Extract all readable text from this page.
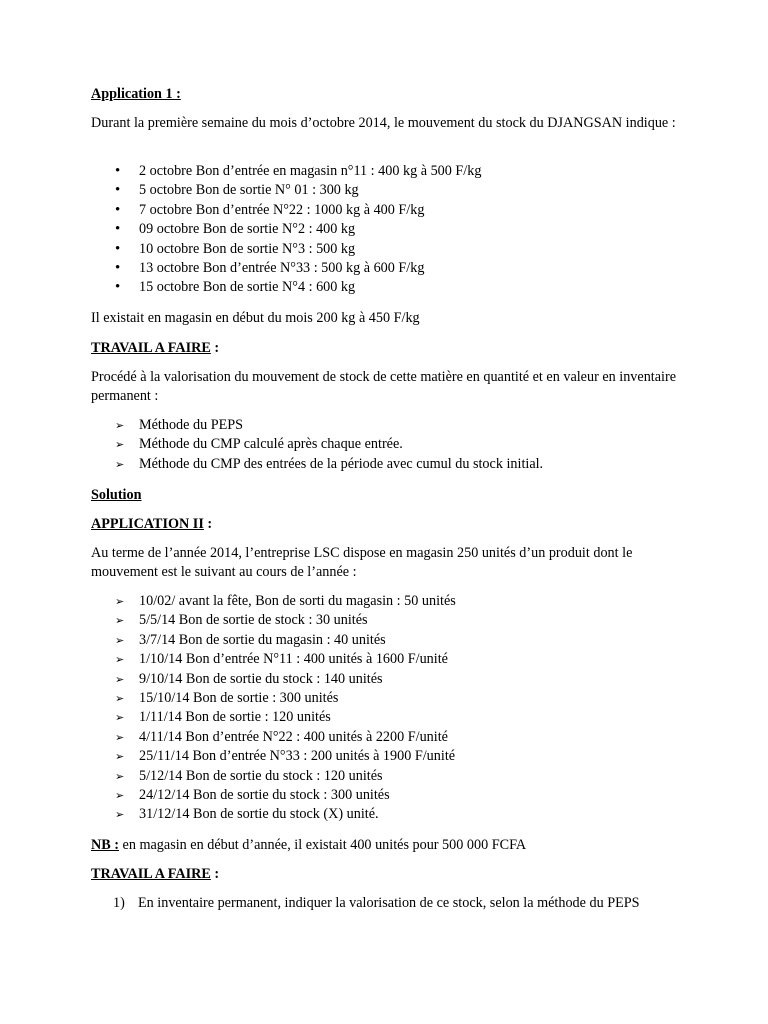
Application 1 :
Durant la première semaine du mois d’octobre 2014, le mouvement du stock du DJANGSAN indique :
•	2 octobre Bon d’entrée en magasin n°11 : 400 kg à 500 F/kg
•	5 octobre Bon de sortie N° 01 : 300 kg
•	7 octobre Bon d’entrée N°22 : 1000 kg à 400 F/kg
•	09 octobre Bon de sortie N°2 : 400 kg
•	10 octobre Bon de sortie N°3 : 500 kg
•	13 octobre Bon d’entrée N°33 : 500 kg à 600 F/kg
•	15 octobre Bon de sortie N°4 : 600 kg
Il existait en magasin en début du mois 200 kg à 450 F/kg
TRAVAIL A FAIRE :
Procédé à la valorisation du mouvement de stock de cette matière en quantité et en valeur en inventaire permanent :
➢	Méthode du PEPS
➢	Méthode du CMP calculé après chaque entrée.
➢	Méthode du CMP des entrées de la période avec cumul du stock initial.
Solution
APPLICATION II :
Au terme de l’année 2014, l’entreprise LSC dispose en magasin 250 unités d’un produit dont le mouvement est le suivant au cours de l’année :
➢	10/02/ avant la fête, Bon de sorti du magasin : 50 unités
➢	5/5/14 Bon de sortie de stock : 30 unités
➢	3/7/14 Bon de sortie du magasin : 40 unités
➢	1/10/14 Bon d’entrée N°11 : 400 unités à 1600 F/unité
➢	9/10/14 Bon de sortie du stock : 140 unités
➢	15/10/14 Bon de sortie : 300 unités
➢	1/11/14 Bon de sortie : 120 unités
➢	4/11/14 Bon d’entrée N°22 : 400 unités à 2200 F/unité
➢	25/11/14 Bon d’entrée N°33 : 200 unités à 1900 F/unité
➢	5/12/14 Bon de sortie du stock : 120 unités
➢	24/12/14 Bon de sortie du stock : 300 unités
➢	31/12/14 Bon de sortie du stock (X) unité.
NB : en magasin en début d’année, il existait 400 unités pour 500 000 FCFA
TRAVAIL A FAIRE :
1) En inventaire permanent, indiquer la valorisation de ce stock, selon la méthode du PEPS
